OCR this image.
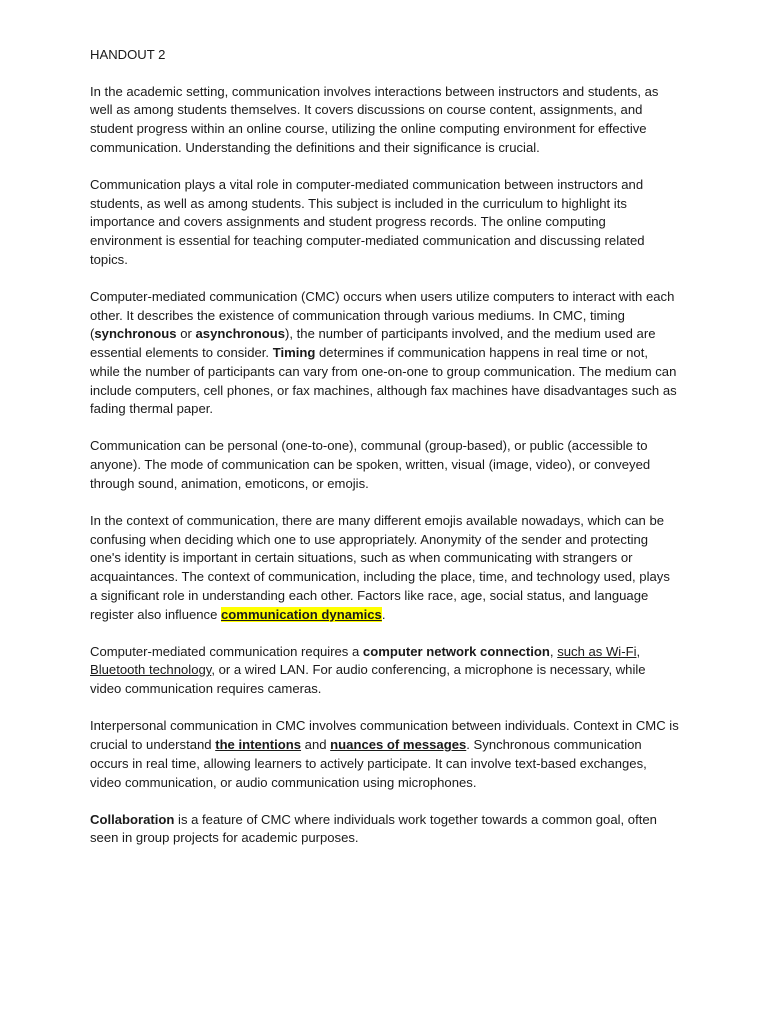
HANDOUT 2

In the academic setting, communication involves interactions between instructors and students, as well as among students themselves. It covers discussions on course content, assignments, and student progress within an online course, utilizing the online computing environment for effective communication. Understanding the definitions and their significance is crucial.

Communication plays a vital role in computer-mediated communication between instructors and students, as well as among students. This subject is included in the curriculum to highlight its importance and covers assignments and student progress records. The online computing environment is essential for teaching computer-mediated communication and discussing related topics.

Computer-mediated communication (CMC) occurs when users utilize computers to interact with each other. It describes the existence of communication through various mediums. In CMC, timing (synchronous or asynchronous), the number of participants involved, and the medium used are essential elements to consider. Timing determines if communication happens in real time or not, while the number of participants can vary from one-on-one to group communication. The medium can include computers, cell phones, or fax machines, although fax machines have disadvantages such as fading thermal paper.

Communication can be personal (one-to-one), communal (group-based), or public (accessible to anyone). The mode of communication can be spoken, written, visual (image, video), or conveyed through sound, animation, emoticons, or emojis.

In the context of communication, there are many different emojis available nowadays, which can be confusing when deciding which one to use appropriately. Anonymity of the sender and protecting one's identity is important in certain situations, such as when communicating with strangers or acquaintances. The context of communication, including the place, time, and technology used, plays a significant role in understanding each other. Factors like race, age, social status, and language register also influence communication dynamics.

Computer-mediated communication requires a computer network connection, such as Wi-Fi, Bluetooth technology, or a wired LAN. For audio conferencing, a microphone is necessary, while video communication requires cameras.

Interpersonal communication in CMC involves communication between individuals. Context in CMC is crucial to understand the intentions and nuances of messages. Synchronous communication occurs in real time, allowing learners to actively participate. It can involve text-based exchanges, video communication, or audio communication using microphones.

Collaboration is a feature of CMC where individuals work together towards a common goal, often seen in group projects for academic purposes.
